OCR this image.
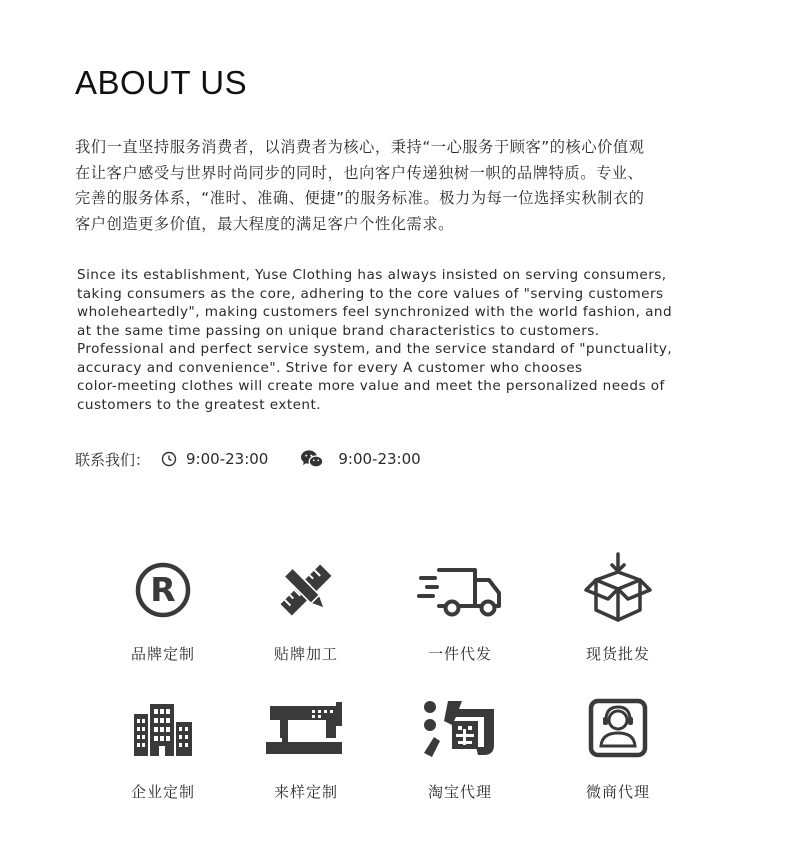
ABOUT US
我们一直坚持服务消费者，以消费者为核心，秉持“一心服务于顾客”的核心价值观
在让客户感受与世界时尚同步的同时，也向客户传递独树一帜的品牌特质。专业、
完善的服务体系，“准时、准确、便捷”的服务标准。极力为每一位选择实秋制衣的
客户创造更多价值，最大程度的满足客户个性化需求。
Since its establishment, Yuse Clothing has always insisted on serving consumers,
taking consumers as the core, adhering to the core values of "serving customers
wholeheartedly", making customers feel synchronized with the world fashion, and
at the same time passing on unique brand characteristics to customers.
Professional and perfect service system, and the service standard of "punctuality,
accuracy and convenience". Strive for every A customer who chooses
color-meeting clothes will create more value and meet the personalized needs of
customers to the greatest extent.
联系我们： 9:00-23:00	9:00-23:00
R
品牌定制	贴牌加工	一件代发	现货批发
企业定制	来样定制	淘宝代理	微商代理
